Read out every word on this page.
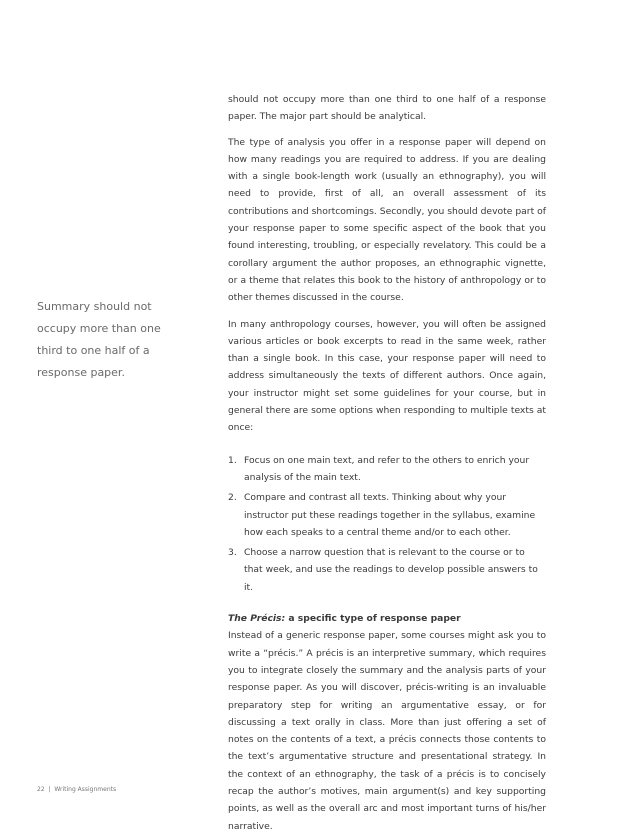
should not occupy more than one third to one half of a response paper. The major part should be analytical.

The type of analysis you offer in a response paper will depend on how many readings you are required to address. If you are dealing with a single book-length work (usually an ethnography), you will need to provide, first of all, an overall assessment of its contributions and shortcomings. Secondly, you should devote part of your response paper to some specific aspect of the book that you found interesting, troubling, or especially revelatory. This could be a corollary argument the author proposes, an ethnographic vignette, or a theme that relates this book to the history of anthropology or to other themes discussed in the course.

In many anthropology courses, however, you will often be assigned various articles or book excerpts to read in the same week, rather than a single book. In this case, your response paper will need to address simultaneously the texts of different authors. Once again, your instructor might set some guidelines for your course, but in general there are some options when responding to multiple texts at once:

1. Focus on one main text, and refer to the others to enrich your analysis of the main text.
2. Compare and contrast all texts. Thinking about why your instructor put these readings together in the syllabus, examine how each speaks to a central theme and/or to each other.
3. Choose a narrow question that is relevant to the course or to that week, and use the readings to develop possible answers to it.

The Précis: a specific type of response paper

Instead of a generic response paper, some courses might ask you to write a “précis.” A précis is an interpretive summary, which requires you to integrate closely the summary and the analysis parts of your response paper. As you will discover, précis-writing is an invaluable preparatory step for writing an argumentative essay, or for discussing a text orally in class. More than just offering a set of notes on the contents of a text, a précis connects those contents to the text’s argumentative structure and presentational strategy. In the context of an ethnography, the task of a précis is to concisely recap the author’s motives, main argument(s) and key supporting points, as well as the overall arc and most important turns of his/her narrative.

Summary should not occupy more than one third to one half of a response paper.
22 | Writing Assignments
